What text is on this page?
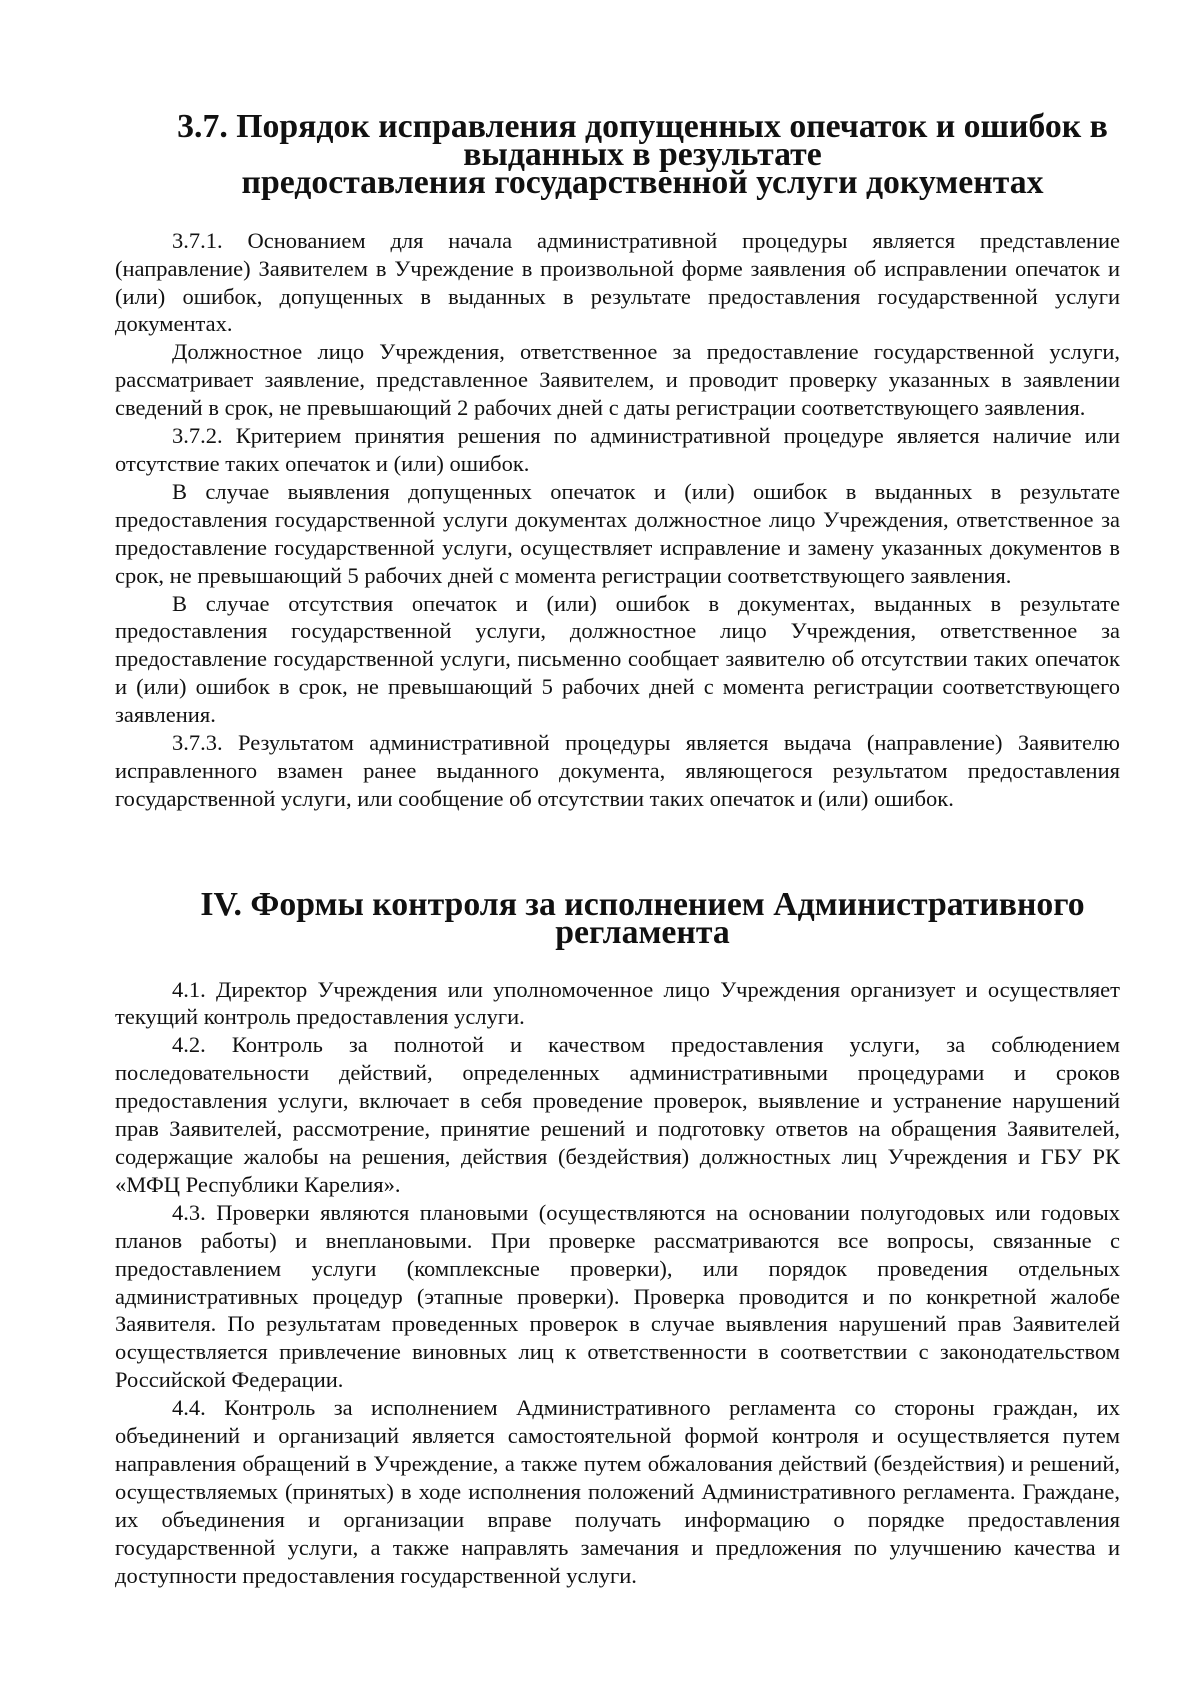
3.7. Порядок исправления допущенных опечаток и ошибок в выданных в результате
предоставления государственной услуги документах

3.7.1. Основанием для начала административной процедуры является представление (направление) Заявителем в Учреждение в произвольной форме заявления об исправлении опечаток и (или) ошибок, допущенных в выданных в результате предоставления государственной услуги документах.

Должностное лицо Учреждения, ответственное за предоставление государственной услуги, рассматривает заявление, представленное Заявителем, и проводит проверку указанных в заявлении сведений в срок, не превышающий 2 рабочих дней с даты регистрации соответствующего заявления.

3.7.2. Критерием принятия решения по административной процедуре является наличие или отсутствие таких опечаток и (или) ошибок.

В случае выявления допущенных опечаток и (или) ошибок в выданных в результате предоставления государственной услуги документах должностное лицо Учреждения, ответственное за предоставление государственной услуги, осуществляет исправление и замену указанных документов в срок, не превышающий 5 рабочих дней с момента регистрации соответствующего заявления.

В случае отсутствия опечаток и (или) ошибок в документах, выданных в результате предоставления государственной услуги, должностное лицо Учреждения, ответственное за предоставление государственной услуги, письменно сообщает заявителю об отсутствии таких опечаток и (или) ошибок в срок, не превышающий 5 рабочих дней с момента регистрации соответствующего заявления.

3.7.3. Результатом административной процедуры является выдача (направление) Заявителю исправленного взамен ранее выданного документа, являющегося результатом предоставления государственной услуги, или сообщение об отсутствии таких опечаток и (или) ошибок.

IV. Формы контроля за исполнением Административного регламента

4.1. Директор Учреждения или уполномоченное лицо Учреждения организует и осуществляет текущий контроль предоставления услуги.

4.2. Контроль за полнотой и качеством предоставления услуги, за соблюдением последовательности действий, определенных административными процедурами и сроков предоставления услуги, включает в себя проведение проверок, выявление и устранение нарушений прав Заявителей, рассмотрение, принятие решений и подготовку ответов на обращения Заявителей, содержащие жалобы на решения, действия (бездействия) должностных лиц Учреждения и ГБУ РК «МФЦ Республики Карелия».

4.3. Проверки являются плановыми (осуществляются на основании полугодовых или годовых планов работы) и внеплановыми. При проверке рассматриваются все вопросы, связанные с предоставлением услуги (комплексные проверки), или порядок проведения отдельных административных процедур (этапные проверки). Проверка проводится и по конкретной жалобе Заявителя. По результатам проведенных проверок в случае выявления нарушений прав Заявителей осуществляется привлечение виновных лиц к ответственности в соответствии с законодательством Российской Федерации.

4.4. Контроль за исполнением Административного регламента со стороны граждан, их объединений и организаций является самостоятельной формой контроля и осуществляется путем направления обращений в Учреждение, а также путем обжалования действий (бездействия) и решений, осуществляемых (принятых) в ходе исполнения положений Административного регламента. Граждане, их объединения и организации вправе получать информацию о порядке предоставления государственной услуги, а также направлять замечания и предложения по улучшению качества и доступности предоставления государственной услуги.
